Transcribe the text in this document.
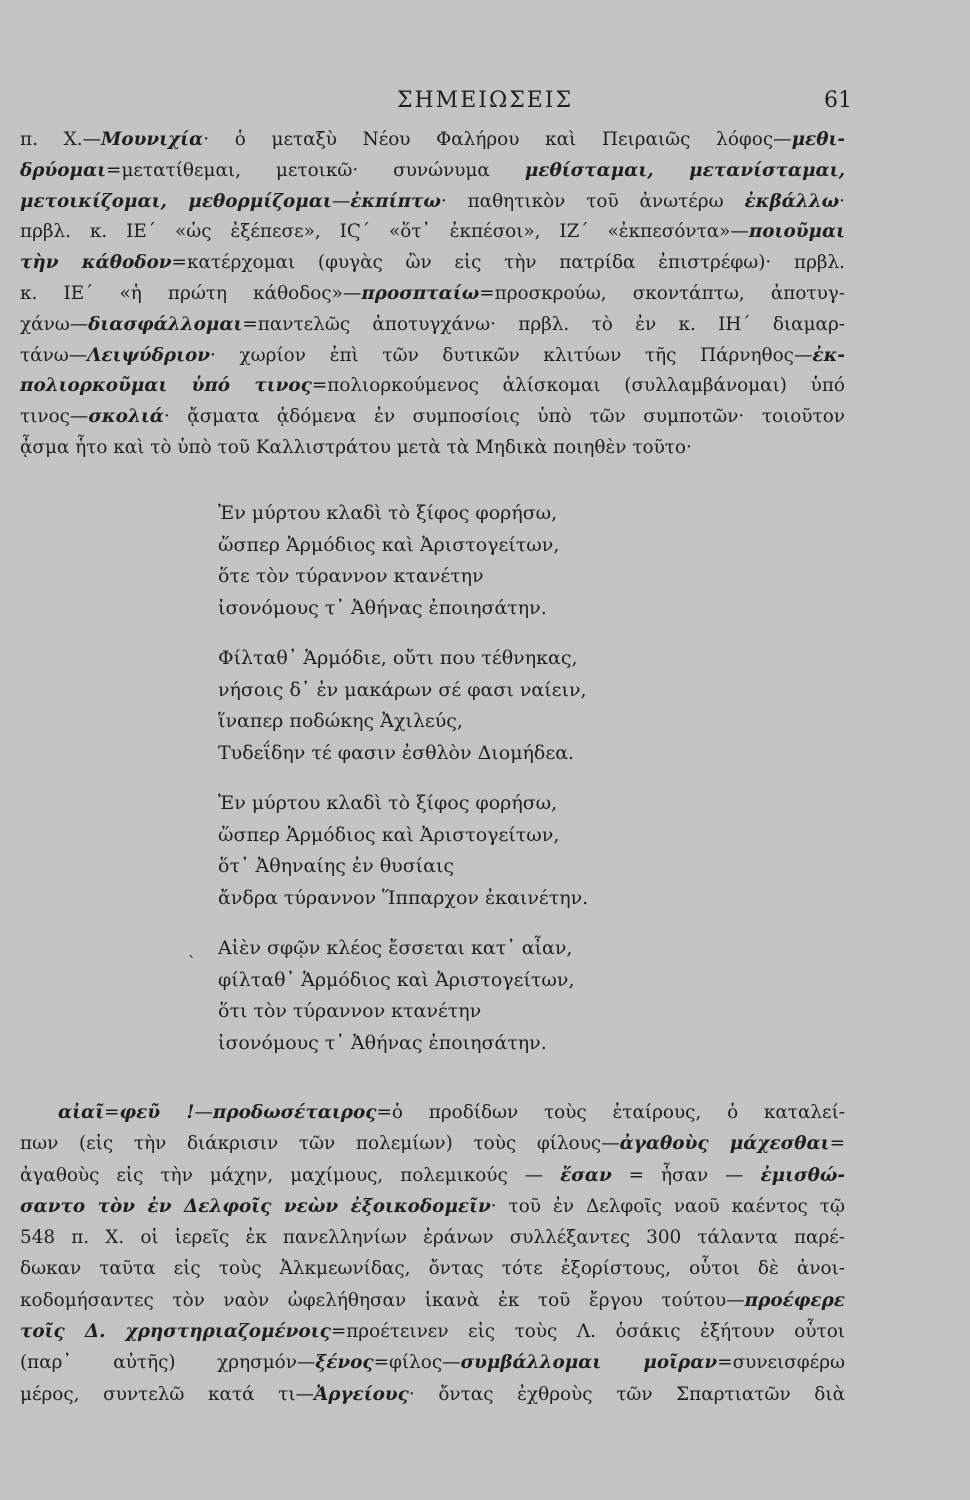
ΣΗΜΕΙΩΣΕΙΣ	61

π. Χ.—Μουνιχία· ὁ μεταξὺ Νέου Φαλήρου καὶ Πειραιῶς λόφος—μεθι-

δρύομαι=μετατίθεμαι, μετοικῶ· συνώνυμα μεθίσταμαι, μετανίσταμαι,

μετοικίζομαι, μεθορμίζομαι—ἐκπίπτω· παθητικὸν τοῦ ἀνωτέρω ἐκβάλλω·

πρβλ. κ. ΙΕ΄ «ὡς ἐξέπεσε», ΙϚ΄ «ὅτ᾽ ἐκπέσοι», ΙΖ΄ «ἐκπεσόντα»—ποιοῦμαι

τὴν κάθοδον=κατέρχομαι (φυγὰς ὢν εἰς τὴν πατρίδα ἐπιστρέφω)· πρβλ.

κ. ΙΕ΄ «ἡ πρώτη κάθοδος»—προσπταίω=προσκρούω, σκοντάπτω, ἀποτυγ-

χάνω—διασφάλλομαι=παντελῶς ἀποτυγχάνω· πρβλ. τὸ ἐν κ. ΙΗ΄ διαμαρ-

τάνω—Λειψύδριον· χωρίον ἐπὶ τῶν δυτικῶν κλιτύων τῆς Πάρνηθος—ἐκ-

πολιορκοῦμαι ὑπό τινος=πολιορκούμενος ἁλίσκομαι (συλλαμβάνομαι) ὑπό

τινος—σκολιά· ᾄσματα ᾀδόμενα ἐν συμποσίοις ὑπὸ τῶν συμποτῶν· τοιοῦτον

ᾆσμα ἦτο καὶ τὸ ὑπὸ τοῦ Καλλιστράτου μετὰ τὰ Μηδικὰ ποιηθὲν τοῦτο·

Ἐν μύρτου κλαδὶ τὸ ξίφος φορήσω,
ὥσπερ Ἁρμόδιος καὶ Ἀριστογείτων,
ὅτε τὸν τύραννον κτανέτην
ἰσονόμους τ᾽ Ἀθήνας ἐποιησάτην.
Φίλταθ᾽ Ἁρμόδιε, οὔτι που τέθνηκας,
νήσοις δ᾽ ἐν μακάρων σέ φασι ναίειν,
ἵναπερ ποδώκης Ἀχιλεύς,
Τυδεΐδην τέ φασιν ἐσθλὸν Διομήδεα.
Ἐν μύρτου κλαδὶ τὸ ξίφος φορήσω,
ὥσπερ Ἁρμόδιος καὶ Ἀριστογείτων,
ὅτ᾽ Ἀθηναίης ἐν θυσίαις
ἄνδρα τύραννον Ἵππαρχον ἐκαινέτην.
Αἰὲν σφῷν κλέος ἔσσεται κατ᾽ αἶαν,
φίλταθ᾽ Ἁρμόδιος καὶ Ἀριστογείτων,
ὅτι τὸν τύραννον κτανέτην
ἰσονόμους τ᾽ Ἀθήνας ἐποιησάτην.
`

αἰαῖ=φεῦ !—προδωσέταιρος=ὁ προδίδων τοὺς ἑταίρους, ὁ καταλεί-

πων (εἰς τὴν διάκρισιν τῶν πολεμίων) τοὺς φίλους—ἀγαθοὺς μάχεσθαι=

ἀγαθοὺς εἰς τὴν μάχην, μαχίμους, πολεμικούς — ἔσαν = ἦσαν — ἐμισθώ-

σαντο τὸν ἐν Δελφοῖς νεὼν ἐξοικοδομεῖν· τοῦ ἐν Δελφοῖς ναοῦ καέντος τῷ

548 π. Χ. οἱ ἱερεῖς ἐκ πανελληνίων ἐράνων συλλέξαντες 300 τάλαντα παρέ-

δωκαν ταῦτα εἰς τοὺς Ἀλκμεωνίδας, ὄντας τότε ἐξορίστους, οὗτοι δὲ ἀνοι-

κοδομήσαντες τὸν ναὸν ὠφελήθησαν ἱκανὰ ἐκ τοῦ ἔργου τούτου—προέφερε

τοῖς Δ. χρηστηριαζομένοις=προέτεινεν εἰς τοὺς Λ. ὁσάκις ἐξήτουν οὗτοι

(παρ᾽ αὐτῆς) χρησμόν—ξένος=φίλος—συμβάλλομαι μοῖραν=συνεισφέρω

μέρος, συντελῶ κατά τι—Ἀργείους· ὄντας ἐχθροὺς τῶν Σπαρτιατῶν διὰ
